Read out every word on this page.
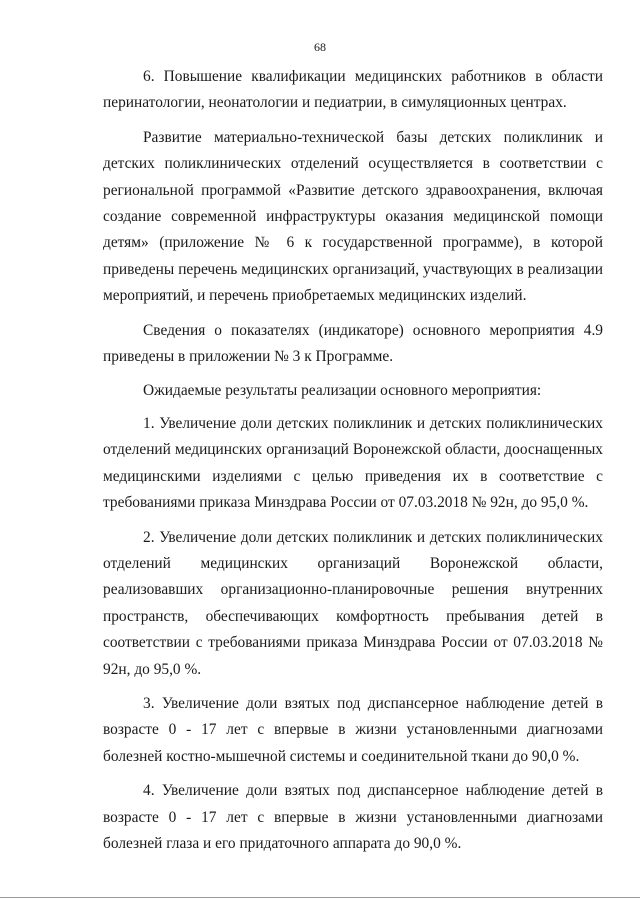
68

6. Повышение квалификации медицинских работников в области перинатологии, неонатологии и педиатрии, в симуляционных центрах.

Развитие материально-технической базы детских поликлиник и детских поликлинических отделений осуществляется в соответствии с региональной программой «Развитие детского здравоохранения, включая создание современной инфраструктуры оказания медицинской помощи детям» (приложение № 6 к государственной программе), в которой приведены перечень медицинских организаций, участвующих в реализации мероприятий, и перечень приобретаемых медицинских изделий.

Сведения о показателях (индикаторе) основного мероприятия 4.9 приведены в приложении № 3 к Программе.

Ожидаемые результаты реализации основного мероприятия:

1. Увеличение доли детских поликлиник и детских поликлинических отделений медицинских организаций Воронежской области, дооснащенных медицинскими изделиями с целью приведения их в соответствие с требованиями приказа Минздрава России от 07.03.2018 № 92н, до 95,0 %.

2. Увеличение доли детских поликлиник и детских поликлинических отделений медицинских организаций Воронежской области, реализовавших организационно-планировочные решения внутренних пространств, обеспечивающих комфортность пребывания детей в соответствии с требованиями приказа Минздрава России от 07.03.2018 № 92н, до 95,0 %.

3. Увеличение доли взятых под диспансерное наблюдение детей в возрасте 0 - 17 лет с впервые в жизни установленными диагнозами болезней костно-мышечной системы и соединительной ткани до 90,0 %.

4. Увеличение доли взятых под диспансерное наблюдение детей в возрасте 0 - 17 лет с впервые в жизни установленными диагнозами болезней глаза и его придаточного аппарата до 90,0 %.
